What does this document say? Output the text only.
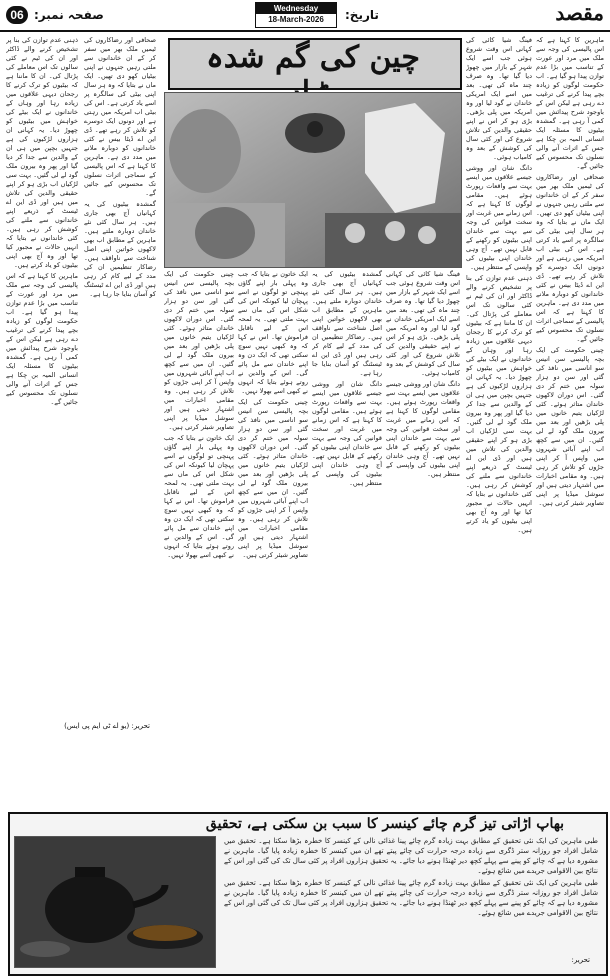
06 صفحہ نمبر:	Wednesday
18-March-2026	تاریخ:	مقصد

ذہنی عدم توازن کی بنا پر تشخیص کرنے والے ڈاکٹر اور ان کی ٹیم نے کئی سالوں تک اس معاملے کی پڑتال کی۔ ان کا ماننا ہے کہ بیٹیوں کو ترک کرنے کا رجحان دیہی علاقوں میں زیادہ رہا اور وہاں کے خاندانوں نے ایک بیٹے کی خواہش میں بیٹیوں کو چھوڑ دیا۔ یہ کہانی ان ہزاروں لڑکیوں کی ہے جنہیں بچپن میں ہی ان کے والدین سے جدا کر دیا گیا اور پھر وہ بیرون ملک گود لے لی گئیں۔ بہت سی لڑکیاں اب بڑی ہو کر اپنے حقیقی والدین کی تلاش میں ہیں اور ڈی این اے ٹیسٹ کے ذریعے اپنے خاندانوں سے ملنے کی کوشش کر رہی ہیں۔ کئی خاندانوں نے بتایا کہ انہیں حالات نے مجبور کیا تھا اور وہ آج بھی اپنی بیٹیوں کو یاد کرتے ہیں۔

ماہرین کا کہنا ہے کہ اس پالیسی کی وجہ سے ملک میں مرد اور عورت کے تناسب میں بڑا عدم توازن پیدا ہو گیا ہے۔ اب حکومت لوگوں کو زیادہ بچے پیدا کرنے کی ترغیب دے رہی ہے لیکن اس کے باوجود شرح پیدائش میں کمی آ رہی ہے۔ گمشدہ بیٹیوں کا مسئلہ ایک انسانی المیہ بن چکا ہے جس کے اثرات آنے والی نسلوں تک محسوس کیے جائیں گے۔

صحافی اور رضاکاروں کی ٹیمیں ملک بھر میں سفر کر کے ان خاندانوں سے ملتی رہیں جنہوں نے اپنی بیٹیاں کھو دی تھیں۔ ایک ماں نے بتایا کہ وہ ہر سال اپنی بیٹی کی سالگرہ پر اسے یاد کرتی ہے۔ اس کی بیٹی اب امریکہ میں رہتی ہے اور دونوں ایک دوسرے کو تلاش کر رہے تھے۔ ڈی این اے ڈیٹا بیس نے کئی خاندانوں کو دوبارہ ملانے میں مدد دی ہے۔ ماہرین کا کہنا ہے کہ اس پالیسی کے سماجی اثرات نسلوں تک محسوس کیے جائیں گے۔

گمشدہ بیٹیوں کی یہ کہانیاں آج بھی جاری ہیں۔ ہر سال کئی نئے خاندان دوبارہ ملتے ہیں۔ ماہرین کے مطابق اب بھی لاکھوں خواتین اپنی اصل شناخت سے ناواقف ہیں۔ رضاکار تنظیمیں ان کی مدد کے لیے کام کر رہی ہیں اور ڈی این اے ٹیسٹنگ کو آسان بنایا جا رہا ہے۔

تحریر: (یو اے ٹی ایم پی ایس)
چین کی گم شدہ

چینی حکومت کی ایک بچہ پالیسی سن انیس سو اناسی میں نافذ کی گئی اور سن دو ہزار سولہ میں ختم کر دی گئی۔ اس دوران لاکھوں خاندان متاثر ہوئے۔ کئی لڑکیاں یتیم خانوں میں پلی بڑھیں اور بعد میں بیرون ملک گود لے لی گئیں۔ ان میں سے کچھ اب اپنے آبائی شہروں میں واپس آ کر اپنی جڑوں کو تلاش کر رہی ہیں۔ وہ مقامی اخبارات میں اشتہار دیتی ہیں اور سوشل میڈیا پر اپنی تصاویر شیئر کرتی ہیں۔

ایک خاتون نے بتایا کہ جب وہ پہلی بار اپنے گاؤں پہنچی تو لوگوں نے اسے پہچان لیا کیونکہ اس کی شکل اس کی ماں سے بہت ملتی تھی۔ یہ لمحہ اس کے لیے ناقابل فراموش تھا۔ اس نے کہا کہ وہ کبھی نہیں سوچ سکتی تھی کہ ایک دن وہ اپنے خاندان سے مل پائے گی۔ اس کے والدین نے روتے ہوئے بتایا کہ انہوں نے کبھی اسے بھولا نہیں۔

ایک خاتون نے بتایا کہ جب وہ پہلی بار اپنے گاؤں پہنچی تو لوگوں نے اسے پہچان لیا کیونکہ اس کی شکل اس کی ماں سے بہت ملتی تھی۔ یہ لمحہ اس کے لیے ناقابل فراموش تھا۔ اس نے کہا کہ وہ کبھی نہیں سوچ سکتی تھی کہ ایک دن وہ اپنے خاندان سے مل پائے گی۔ اس کے والدین نے روتے ہوئے بتایا کہ انہوں نے کبھی اسے بھولا نہیں۔

چینی حکومت کی ایک بچہ پالیسی سن انیس سو اناسی میں نافذ کی گئی اور سن دو ہزار سولہ میں ختم کر دی گئی۔ اس دوران لاکھوں خاندان متاثر ہوئے۔ کئی لڑکیاں یتیم خانوں میں پلی بڑھیں اور بعد میں بیرون ملک گود لے لی گئیں۔ ان میں سے کچھ اب اپنے آبائی شہروں میں واپس آ کر اپنی جڑوں کو تلاش کر رہی ہیں۔ وہ مقامی اخبارات میں اشتہار دیتی ہیں اور سوشل میڈیا پر اپنی تصاویر شیئر کرتی ہیں۔

گمشدہ بیٹیوں کی یہ کہانیاں آج بھی جاری ہیں۔ ہر سال کئی نئے خاندان دوبارہ ملتے ہیں۔ ماہرین کے مطابق اب بھی لاکھوں خواتین اپنی اصل شناخت سے ناواقف ہیں۔ رضاکار تنظیمیں ان کی مدد کے لیے کام کر رہی ہیں اور ڈی این اے ٹیسٹنگ کو آسان بنایا جا رہا ہے۔

دانگ شان اور ووشی جیسے علاقوں میں ایسے بہت سے واقعات رپورٹ ہوئے ہیں۔ مقامی لوگوں کا کہنا ہے کہ اس زمانے میں غربت اور سخت قوانین کی وجہ سے بہت سے خاندان اپنی بیٹیوں کو رکھنے کے قابل نہیں تھے۔ آج وہی خاندان اپنی بیٹیوں کی واپسی کے منتظر ہیں۔

فینگ شیا کائی کی کہانی اس وقت شروع ہوئی جب اسے ایک شہر کے بازار میں چھوڑ دیا گیا تھا۔ وہ صرف چند ماہ کی تھی۔ بعد میں اسے ایک امریکی خاندان نے گود لیا اور وہ امریکہ میں پلی بڑھی۔ بڑی ہو کر اس نے اپنے حقیقی والدین کی تلاش شروع کی اور کئی سال کی کوشش کے بعد وہ کامیاب ہوئی۔

دانگ شان اور ووشی جیسے علاقوں میں ایسے بہت سے واقعات رپورٹ ہوئے ہیں۔ مقامی لوگوں کا کہنا ہے کہ اس زمانے میں غربت اور سخت قوانین کی وجہ سے بہت سے خاندان اپنی بیٹیوں کو رکھنے کے قابل نہیں تھے۔ آج وہی خاندان اپنی بیٹیوں کی واپسی کے منتظر ہیں۔

فینگ شیا کائی کی کہانی اس وقت شروع ہوئی جب اسے ایک شہر کے بازار میں چھوڑ دیا گیا تھا۔ وہ صرف چند ماہ کی تھی۔ بعد میں اسے ایک امریکی خاندان نے گود لیا اور وہ امریکہ میں پلی بڑھی۔ بڑی ہو کر اس نے اپنے حقیقی والدین کی تلاش شروع کی اور کئی سال کی کوشش کے بعد وہ کامیاب ہوئی۔

دانگ شان اور ووشی جیسے علاقوں میں ایسے بہت سے واقعات رپورٹ ہوئے ہیں۔ مقامی لوگوں کا کہنا ہے کہ اس زمانے میں غربت اور سخت قوانین کی وجہ سے بہت سے خاندان اپنی بیٹیوں کو رکھنے کے قابل نہیں تھے۔ آج وہی خاندان اپنی بیٹیوں کی واپسی کے منتظر ہیں۔

ذہنی عدم توازن کی بنا پر تشخیص کرنے والے ڈاکٹر اور ان کی ٹیم نے کئی سالوں تک اس معاملے کی پڑتال کی۔ ان کا ماننا ہے کہ بیٹیوں کو ترک کرنے کا رجحان دیہی علاقوں میں زیادہ رہا اور وہاں کے خاندانوں نے ایک بیٹے کی خواہش میں بیٹیوں کو چھوڑ دیا۔ یہ کہانی ان ہزاروں لڑکیوں کی ہے جنہیں بچپن میں ہی ان کے والدین سے جدا کر دیا گیا اور پھر وہ بیرون ملک گود لے لی گئیں۔ بہت سی لڑکیاں اب بڑی ہو کر اپنے حقیقی والدین کی تلاش میں ہیں اور ڈی این اے ٹیسٹ کے ذریعے اپنے خاندانوں سے ملنے کی کوشش کر رہی ہیں۔ کئی خاندانوں نے بتایا کہ انہیں حالات نے مجبور کیا تھا اور وہ آج بھی اپنی بیٹیوں کو یاد کرتے ہیں۔

ماہرین کا کہنا ہے کہ اس پالیسی کی وجہ سے ملک میں مرد اور عورت کے تناسب میں بڑا عدم توازن پیدا ہو گیا ہے۔ اب حکومت لوگوں کو زیادہ بچے پیدا کرنے کی ترغیب دے رہی ہے لیکن اس کے باوجود شرح پیدائش میں کمی آ رہی ہے۔ گمشدہ بیٹیوں کا مسئلہ ایک انسانی المیہ بن چکا ہے جس کے اثرات آنے والی نسلوں تک محسوس کیے جائیں گے۔

صحافی اور رضاکاروں کی ٹیمیں ملک بھر میں سفر کر کے ان خاندانوں سے ملتی رہیں جنہوں نے اپنی بیٹیاں کھو دی تھیں۔ ایک ماں نے بتایا کہ وہ ہر سال اپنی بیٹی کی سالگرہ پر اسے یاد کرتی ہے۔ اس کی بیٹی اب امریکہ میں رہتی ہے اور دونوں ایک دوسرے کو تلاش کر رہے تھے۔ ڈی این اے ڈیٹا بیس نے کئی خاندانوں کو دوبارہ ملانے میں مدد دی ہے۔ ماہرین کا کہنا ہے کہ اس پالیسی کے سماجی اثرات نسلوں تک محسوس کیے جائیں گے۔

چینی حکومت کی ایک بچہ پالیسی سن انیس سو اناسی میں نافذ کی گئی اور سن دو ہزار سولہ میں ختم کر دی گئی۔ اس دوران لاکھوں خاندان متاثر ہوئے۔ کئی لڑکیاں یتیم خانوں میں پلی بڑھیں اور بعد میں بیرون ملک گود لے لی گئیں۔ ان میں سے کچھ اب اپنے آبائی شہروں میں واپس آ کر اپنی جڑوں کو تلاش کر رہی ہیں۔ وہ مقامی اخبارات میں اشتہار دیتی ہیں اور سوشل میڈیا پر اپنی تصاویر شیئر کرتی ہیں۔

بھاپ اڑاتی تیز گرم چائے کینسر کا سبب بن سکتی ہے، تحقیق

طبی ماہرین کی ایک نئی تحقیق کے مطابق بہت زیادہ گرم چائے پینا غذائی نالی کے کینسر کا خطرہ بڑھا سکتا ہے۔ تحقیق میں شامل افراد جو روزانہ ستر ڈگری سے زیادہ درجہ حرارت کی چائے پیتے تھے ان میں کینسر کا خطرہ زیادہ پایا گیا۔ ماہرین نے مشورہ دیا ہے کہ چائے کو پینے سے پہلے کچھ دیر ٹھنڈا ہونے دیا جائے۔ یہ تحقیق ہزاروں افراد پر کئی سال تک کی گئی اور اس کے نتائج بین الاقوامی جریدے میں شائع ہوئے۔

طبی ماہرین کی ایک نئی تحقیق کے مطابق بہت زیادہ گرم چائے پینا غذائی نالی کے کینسر کا خطرہ بڑھا سکتا ہے۔ تحقیق میں شامل افراد جو روزانہ ستر ڈگری سے زیادہ درجہ حرارت کی چائے پیتے تھے ان میں کینسر کا خطرہ زیادہ پایا گیا۔ ماہرین نے مشورہ دیا ہے کہ چائے کو پینے سے پہلے کچھ دیر ٹھنڈا ہونے دیا جائے۔ یہ تحقیق ہزاروں افراد پر کئی سال تک کی گئی اور اس کے نتائج بین الاقوامی جریدے میں شائع ہوئے۔

تحریر:
